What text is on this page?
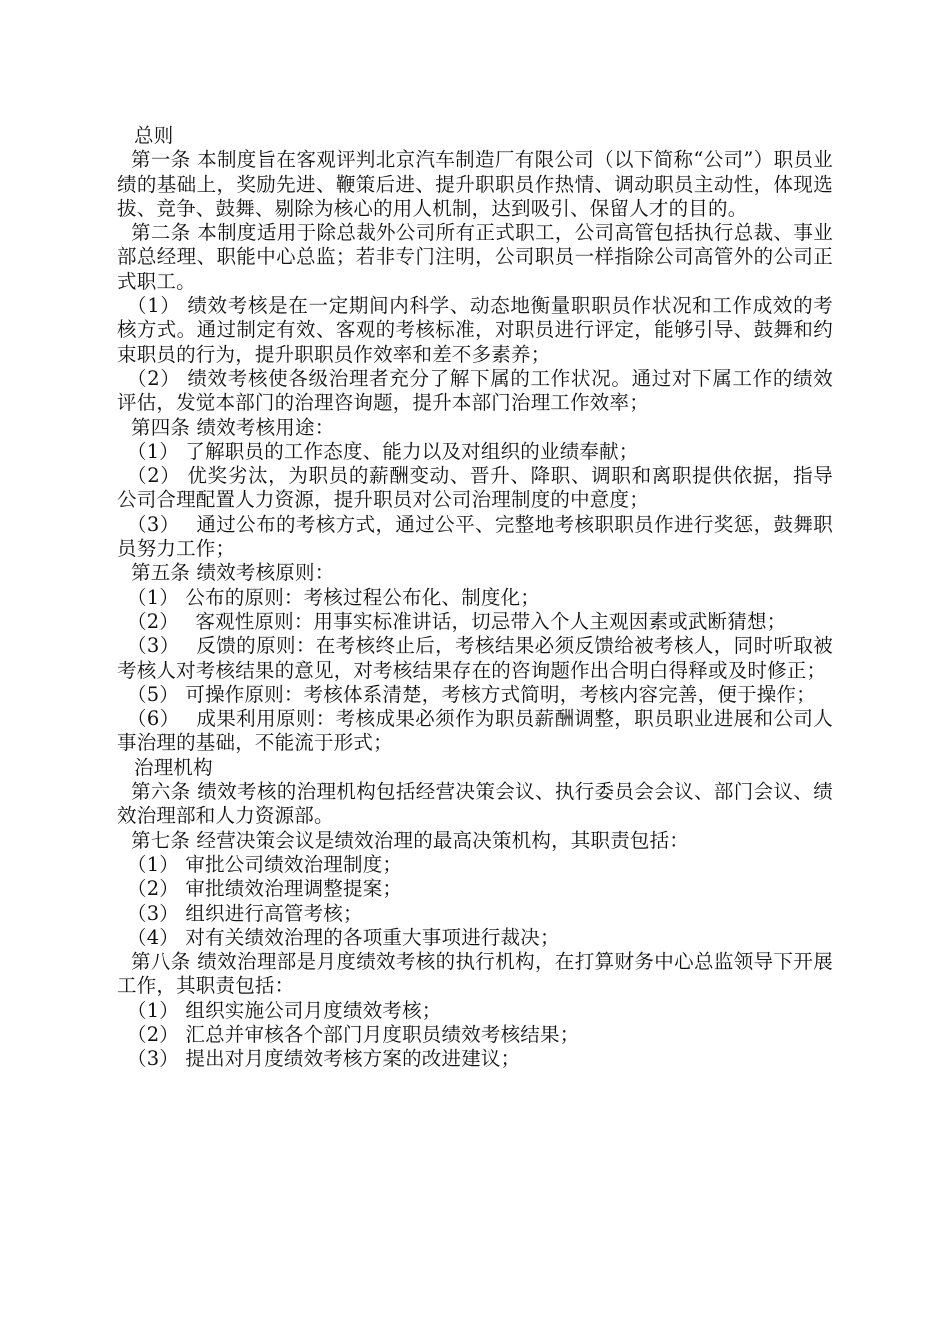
总则

第一条 本制度旨在客观评判北京汽车制造厂有限公司（以下简称“公司”）职员业绩的基础上，奖励先进、鞭策后进、提升职职员作热情、调动职员主动性，体现选拔、竞争、鼓舞、剔除为核心的用人机制，达到吸引、保留人才的目的。

第二条 本制度适用于除总裁外公司所有正式职工，公司高管包括执行总裁、事业部总经理、职能中心总监；若非专门注明，公司职员一样指除公司高管外的公司正式职工。

（1） 绩效考核是在一定期间内科学、动态地衡量职职员作状况和工作成效的考核方式。通过制定有效、客观的考核标准，对职员进行评定，能够引导、鼓舞和约束职员的行为，提升职职员作效率和差不多素养；

（2） 绩效考核使各级治理者充分了解下属的工作状况。通过对下属工作的绩效评估，发觉本部门的治理咨询题，提升本部门治理工作效率；

第四条 绩效考核用途：

（1） 了解职员的工作态度、能力以及对组织的业绩奉献；

（2） 优奖劣汰，为职员的薪酬变动、晋升、降职、调职和离职提供依据，指导公司合理配置人力资源，提升职员对公司治理制度的中意度；

（3）　 通过公布的考核方式，通过公平、完整地考核职职员作进行奖惩，鼓舞职员努力工作；

第五条 绩效考核原则：

（1） 公布的原则：考核过程公布化、制度化；

（2）　 客观性原则：用事实标准讲话，切忌带入个人主观因素或武断猜想；

（3）　 反馈的原则：在考核终止后，考核结果必须反馈给被考核人，同时听取被考核人对考核结果的意见，对考核结果存在的咨询题作出合明白得释或及时修正；

（5） 可操作原则：考核体系清楚，考核方式简明，考核内容完善，便于操作；

（6）　 成果利用原则：考核成果必须作为职员薪酬调整，职员职业进展和公司人事治理的基础，不能流于形式；

治理机构

第六条 绩效考核的治理机构包括经营决策会议、执行委员会会议、部门会议、绩效治理部和人力资源部。

第七条 经营决策会议是绩效治理的最高决策机构，其职责包括：

（1） 审批公司绩效治理制度；

（2） 审批绩效治理调整提案；

（3） 组织进行高管考核；

（4） 对有关绩效治理的各项重大事项进行裁决；

第八条 绩效治理部是月度绩效考核的执行机构，在打算财务中心总监领导下开展工作，其职责包括：

（1） 组织实施公司月度绩效考核；

（2） 汇总并审核各个部门月度职员绩效考核结果；

（3） 提出对月度绩效考核方案的改进建议；
